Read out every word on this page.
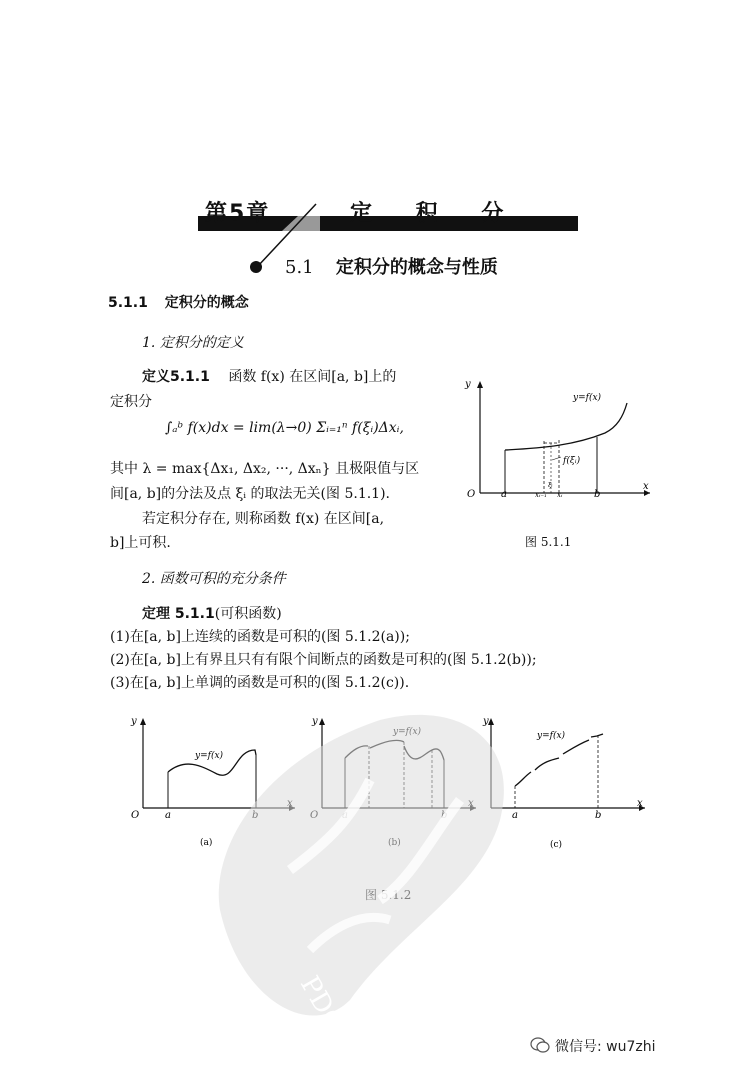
第5章	定 积 分
5.1 定积分的概念与性质
5.1.1 定积分的概念
1. 定积分的定义
定义5.1.1 函数 f(x) 在区间[a, b]上的
定积分
∫ₐᵇ f(x)dx = lim(λ→0) Σᵢ₌₁ⁿ f(ξᵢ)Δxᵢ,
其中 λ = max{Δx₁, Δx₂, ···, Δxₙ} 且极限值与区
间[a, b]的分法及点 ξᵢ 的取法无关(图 5.1.1).
若定积分存在, 则称函数 f(x) 在区间[a,
b]上可积.
y
x
O	a	b
xᵢ₋₁ xᵢ
ξᵢ
y=f(x)
f(ξᵢ)
图 5.1.1
2. 函数可积的充分条件
定理 5.1.1(可积函数)
(1)在[a, b]上连续的函数是可积的(图 5.1.2(a));
(2)在[a, b]上有界且只有有限个间断点的函数是可积的(图 5.1.2(b));
(3)在[a, b]上单调的函数是可积的(图 5.1.2(c)).
y
O	a
y=f(x)
(a)
y	y
x
a	b
y=f(x)
(c)
PDG
微信号: wu7zhi
